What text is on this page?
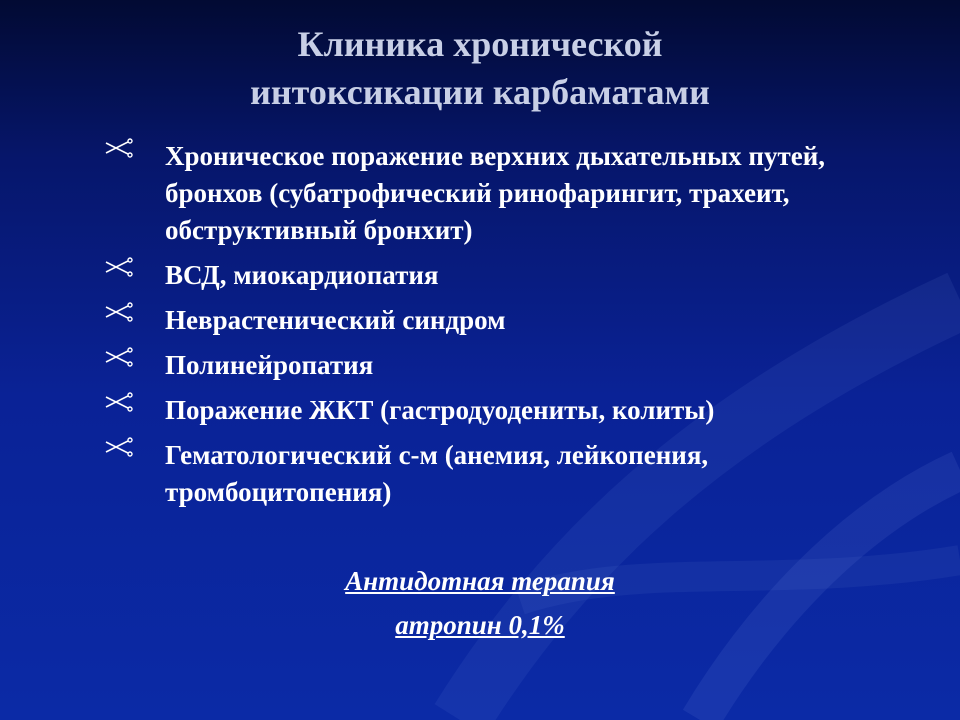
Клиника хронической
интоксикации карбаматами
Хроническое поражение верхних дыхательных путей, бронхов (субатрофический ринофарингит, трахеит, обструктивный бронхит)
ВСД, миокардиопатия
Неврастенический синдром
Полинейропатия
Поражение ЖКТ (гастродуодениты, колиты)
Гематологический с-м (анемия, лейкопения, тромбоцитопения)
Антидотная терапия
атропин 0,1%
